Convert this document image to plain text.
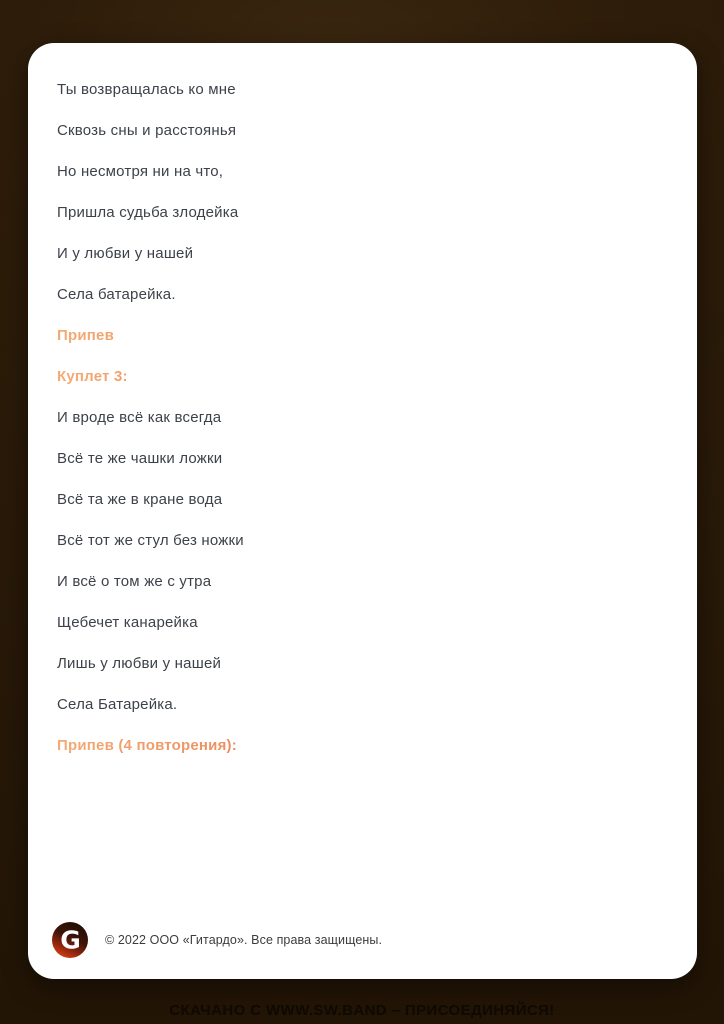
Ты возвращалась ко мне

Сквозь сны и расстоянья

Но несмотря ни на что,

Пришла судьба злодейка

И у любви у нашей

Села батарейка.

Припев

Куплет 3:

И вроде всё как всегда

Всё те же чашки ложки

Всё та же в кране вода

Всё тот же стул без ножки

И всё о том же с утра

Щебечет канарейка

Лишь у любви у нашей

Села Батарейка.

Припев (4 повторения):

G © 2022 ООО «Гитардо». Все права защищены.
СКАЧАНО С WWW.SW.BAND – ПРИСОЕДИНЯЙСЯ!
